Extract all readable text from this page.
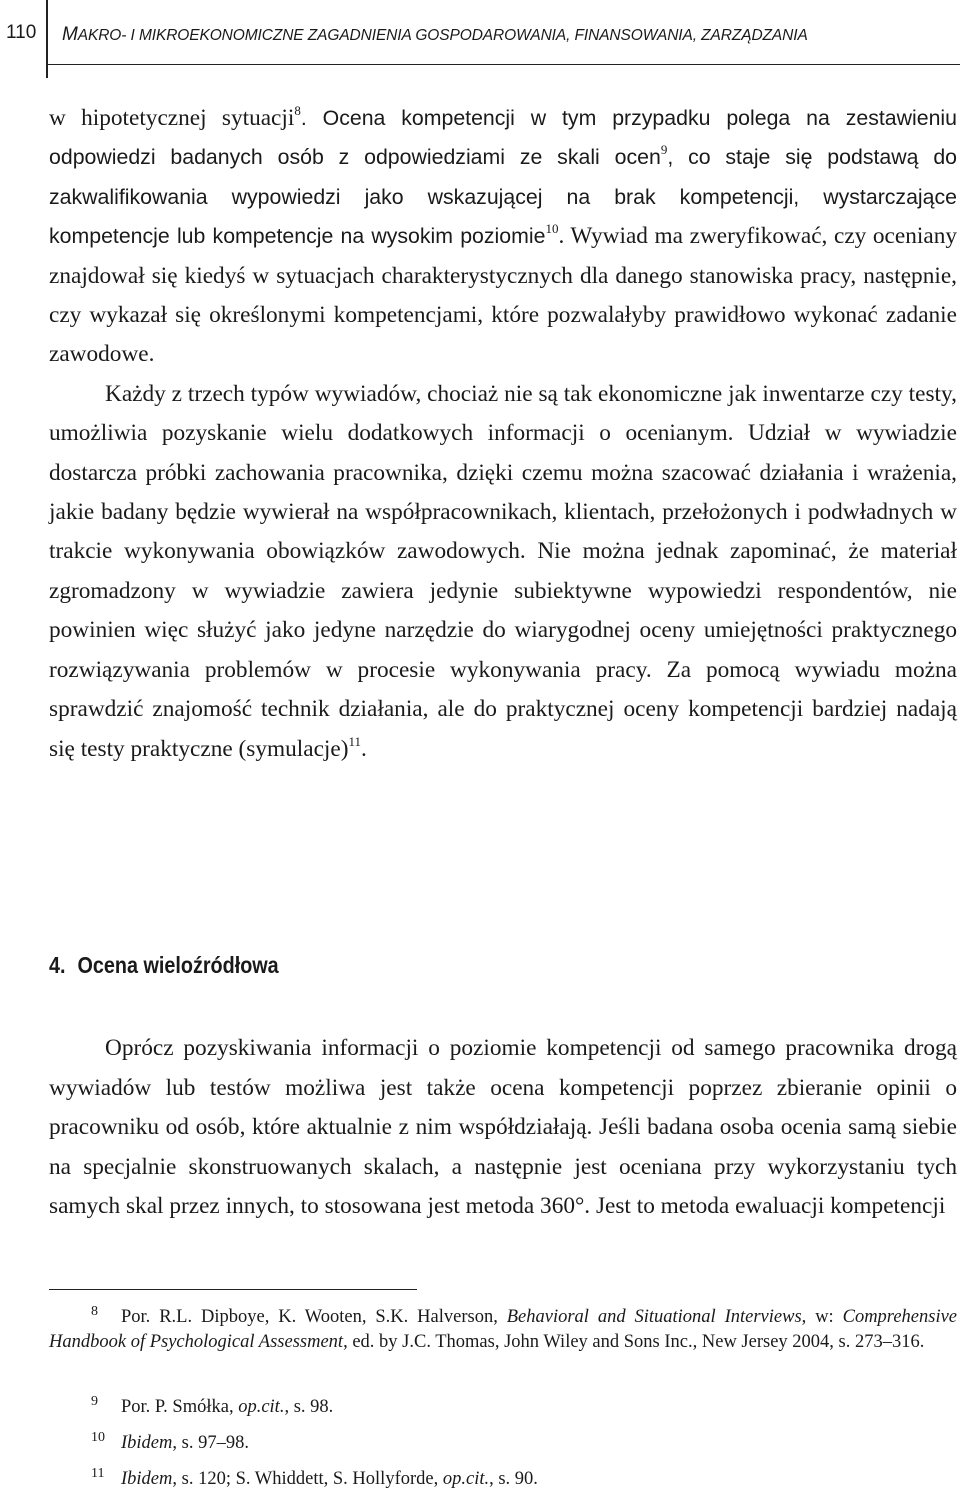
110 MAKRO- I MIKROEKONOMICZNE ZAGADNIENIA GOSPODAROWANIA, FINANSOWANIA, ZARZĄDZANIA

w hipotetycznej sytuacji$^8$. Ocena kompetencji w tym przypadku polega na zestawieniu odpowiedzi badanych osób z odpowiedziami ze skali ocen$^9$, co staje się podstawą do zakwalifikowania wypowiedzi jako wskazującej na brak kompetencji, wystarczające kompetencje lub kompetencje na wysokim poziomie$^{10}$. Wywiad ma zweryfikować, czy oceniany znajdował się kiedyś w sytuacjach charakterystycznych dla danego stanowiska pracy, następnie, czy wykazał się określonymi kompetencjami, które pozwalałyby prawidłowo wykonać zadanie zawodowe.

Każdy z trzech typów wywiadów, chociaż nie są tak ekonomiczne jak inwentarze czy testy, umożliwia pozyskanie wielu dodatkowych informacji o ocenianym. Udział w wywiadzie dostarcza próbki zachowania pracownika, dzięki czemu można szacować działania i wrażenia, jakie badany będzie wywierał na współpracownikach, klientach, przełożonych i podwładnych w trakcie wykonywania obowiązków zawodowych. Nie można jednak zapominać, że materiał zgromadzony w wywiadzie zawiera jedynie subiektywne wypowiedzi respondentów, nie powinien więc służyć jako jedyne narzędzie do wiarygodnej oceny umiejętności praktycznego rozwiązywania problemów w procesie wykonywania pracy. Za pomocą wywiadu można sprawdzić znajomość technik działania, ale do praktycznej oceny kompetencji bardziej nadają się testy praktyczne (symulacje)$^{11}$.

4. Ocena wieloźródłowa

Oprócz pozyskiwania informacji o poziomie kompetencji od samego pracownika drogą wywiadów lub testów możliwa jest także ocena kompetencji poprzez zbieranie opinii o pracowniku od osób, które aktualnie z nim współdziałają. Jeśli badana osoba ocenia samą siebie na specjalnie skonstruowanych skalach, a następnie jest oceniana przy wykorzystaniu tych samych skal przez innych, to stosowana jest metoda 360°. Jest to metoda ewaluacji kompetencji

8	Por. R.L. Dipboye, K. Wooten, S.K. Halverson, Behavioral and Situational Interviews, w: Comprehensive Handbook of Psychological Assessment, ed. by J.C. Thomas, John Wiley and Sons Inc., New Jersey 2004, s. 273–316.
9	Por. P. Smółka, op.cit., s. 98.
10 Ibidem, s. 97–98.
11 Ibidem, s. 120; S. Whiddett, S. Hollyforde, op.cit., s. 90.
